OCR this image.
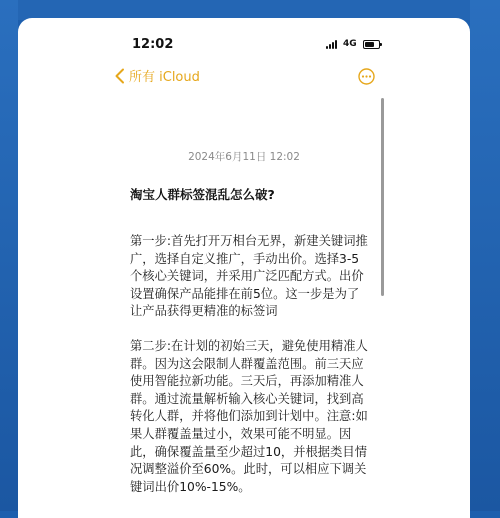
12:02	4G
所有 iCloud
2024年6月11日 12:02
淘宝人群标签混乱怎么破?

第一步:首先打开万相台无界，新建关键词推广，选择自定义推广，手动出价。选择3-5个核心关键词，并采用广泛匹配方式。出价设置确保产品能排在前5位。这一步是为了让产品获得更精准的标签词

第二步:在计划的初始三天，避免使用精准人群。因为这会限制人群覆盖范围。前三天应使用智能拉新功能。三天后，再添加精准人群。通过流量解析输入核心关键词，找到高转化人群，并将他们添加到计划中。注意:如果人群覆盖量过小，效果可能不明显。因此，确保覆盖量至少超过10，并根据类目情况调整溢价至60%。此时，可以相应下调关键词出价10%-15%。
